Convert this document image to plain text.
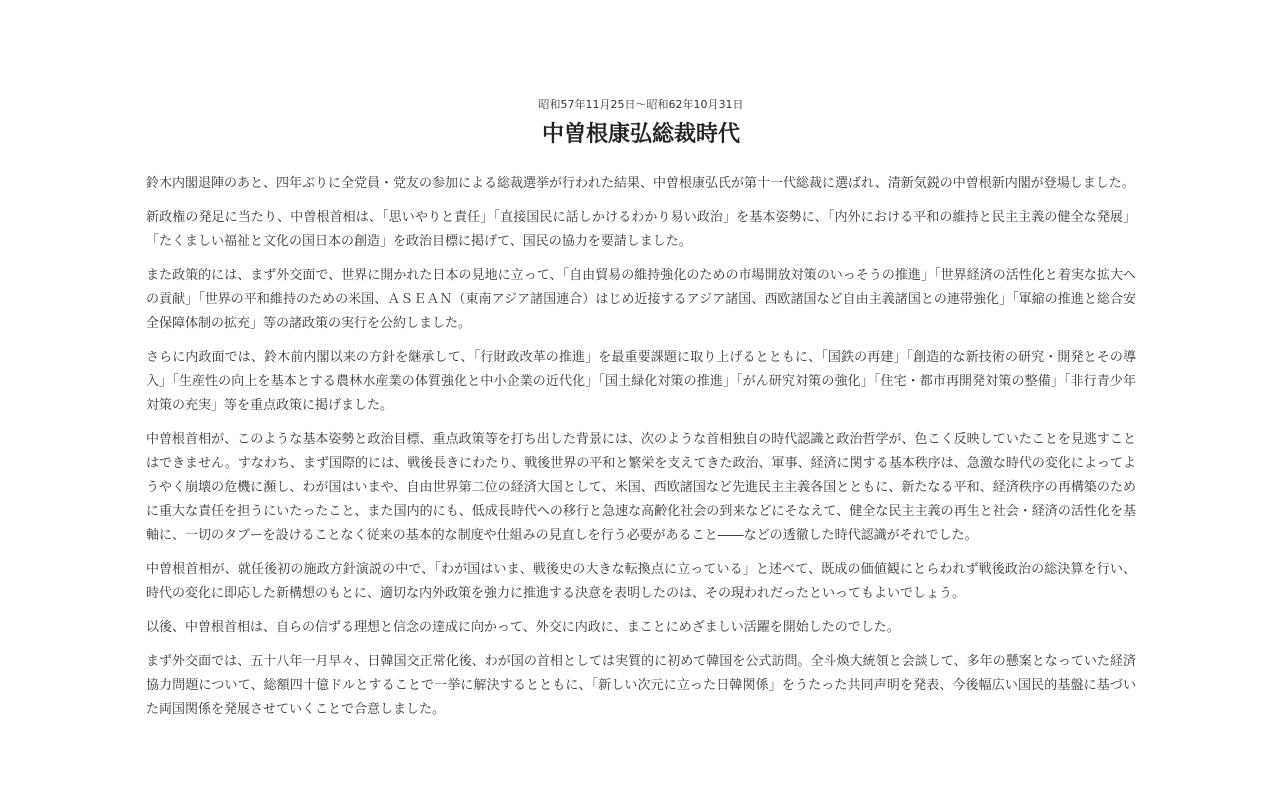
昭和57年11月25日～昭和62年10月31日

中曽根康弘総裁時代

鈴木内閣退陣のあと、四年ぶりに全党員・党友の参加による総裁選挙が行われた結果、中曽根康弘氏が第十一代総裁に選ばれ、清新気鋭の中曽根新内閣が登場しました。

新政権の発足に当たり、中曽根首相は、「思いやりと責任」「直接国民に話しかけるわかり易い政治」を基本姿勢に、「内外における平和の維持と民主主義の健全な発展」「たくましい福祉と文化の国日本の創造」を政治目標に掲げて、国民の協力を要請しました。

また政策的には、まず外交面で、世界に開かれた日本の見地に立って、「自由貿易の維持強化のための市場開放対策のいっそうの推進」「世界経済の活性化と着実な拡大への貢献」「世界の平和維持のための米国、ＡＳＥＡＮ（東南アジア諸国連合）はじめ近接するアジア諸国、西欧諸国など自由主義諸国との連帯強化」「軍縮の推進と総合安全保障体制の拡充」等の諸政策の実行を公約しました。

さらに内政面では、鈴木前内閣以来の方針を継承して、「行財政改革の推進」を最重要課題に取り上げるとともに、「国鉄の再建」「創造的な新技術の研究・開発とその導入」「生産性の向上を基本とする農林水産業の体質強化と中小企業の近代化」「国土緑化対策の推進」「がん研究対策の強化」「住宅・都市再開発対策の整備」「非行青少年対策の充実」等を重点政策に掲げました。

中曽根首相が、このような基本姿勢と政治目標、重点政策等を打ち出した背景には、次のような首相独自の時代認識と政治哲学が、色こく反映していたことを見逃すことはできません。すなわち、まず国際的には、戦後長きにわたり、戦後世界の平和と繁栄を支えてきた政治、軍事、経済に関する基本秩序は、急激な時代の変化によってようやく崩壊の危機に瀕し、わが国はいまや、自由世界第二位の経済大国として、米国、西欧諸国など先進民主主義各国とともに、新たなる平和、経済秩序の再構築のために重大な責任を担うにいたったこと、また国内的にも、低成長時代への移行と急速な高齢化社会の到来などにそなえて、健全な民主主義の再生と社会・経済の活性化を基軸に、一切のタブーを設けることなく従来の基本的な制度や仕組みの見直しを行う必要があること――などの透徹した時代認識がそれでした。

中曽根首相が、就任後初の施政方針演説の中で、「わが国はいま、戦後史の大きな転換点に立っている」と述べて、既成の価値観にとらわれず戦後政治の総決算を行い、時代の変化に即応した新構想のもとに、適切な内外政策を強力に推進する決意を表明したのは、その現われだったといってもよいでしょう。

以後、中曽根首相は、自らの信ずる理想と信念の達成に向かって、外交に内政に、まことにめざましい活躍を開始したのでした。

まず外交面では、五十八年一月早々、日韓国交正常化後、わが国の首相としては実質的に初めて韓国を公式訪問。全斗煥大統領と会談して、多年の懸案となっていた経済協力問題について、総額四十億ドルとすることで一挙に解決するとともに、「新しい次元に立った日韓関係」をうたった共同声明を発表、今後幅広い国民的基盤に基づいた両国関係を発展させていくことで合意しました。
